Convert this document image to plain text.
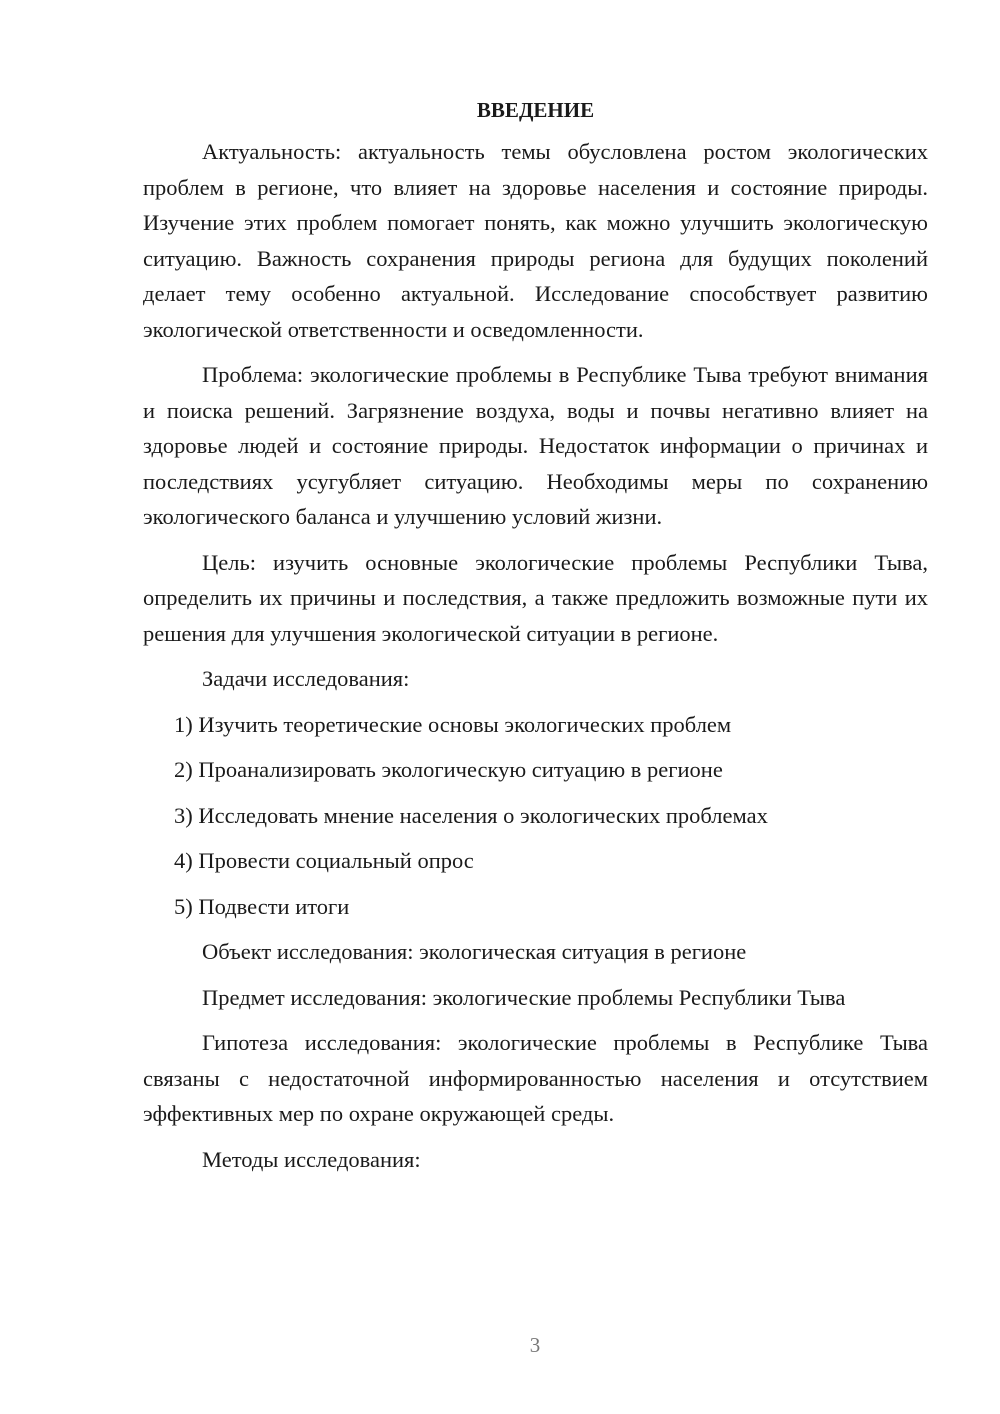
ВВЕДЕНИЕ

Актуальность: актуальность темы обусловлена ростом экологических проблем в регионе, что влияет на здоровье населения и состояние природы. Изучение этих проблем помогает понять, как можно улучшить экологическую ситуацию. Важность сохранения природы региона для будущих поколений делает тему особенно актуальной. Исследование способствует развитию экологической ответственности и осведомленности.

Проблема: экологические проблемы в Республике Тыва требуют внимания и поиска решений. Загрязнение воздуха, воды и почвы негативно влияет на здоровье людей и состояние природы. Недостаток информации о причинах и последствиях усугубляет ситуацию. Необходимы меры по сохранению экологического баланса и улучшению условий жизни.

Цель: изучить основные экологические проблемы Республики Тыва, определить их причины и последствия, а также предложить возможные пути их решения для улучшения экологической ситуации в регионе.

Задачи исследования:
1) Изучить теоретические основы экологических проблем
2) Проанализировать экологическую ситуацию в регионе
3) Исследовать мнение населения о экологических проблемах
4) Провести социальный опрос
5) Подвести итоги
Объект исследования: экологическая ситуация в регионе
Предмет исследования: экологические проблемы Республики Тыва

Гипотеза исследования: экологические проблемы в Республике Тыва связаны с недостаточной информированностью населения и отсутствием эффективных мер по охране окружающей среды.

Методы исследования:
3
